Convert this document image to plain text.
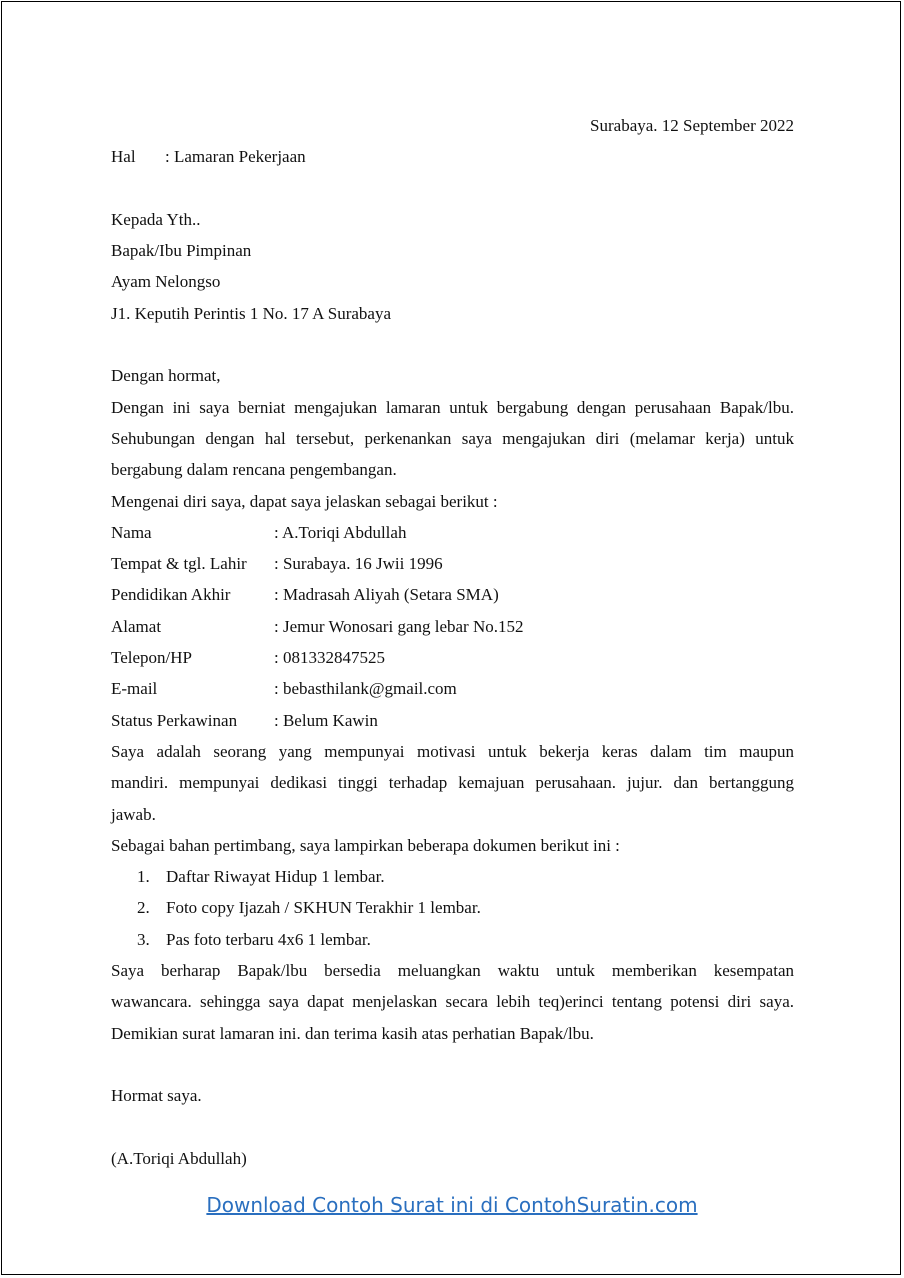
Surabaya. 12 September 2022
Hal : Lamaran Pekerjaan
Kepada Yth..
Bapak/Ibu Pimpinan
Ayam Nelongso
J1. Keputih Perintis 1 No. 17 A Surabaya
Dengan hormat,
Dengan ini saya berniat mengajukan lamaran untuk bergabung dengan perusahaan Bapak/lbu.
Sehubungan dengan hal tersebut, perkenankan saya mengajukan diri (melamar kerja) untuk
bergabung dalam rencana pengembangan.
Mengenai diri saya, dapat saya jelaskan sebagai berikut :
Nama	: A.Toriqi Abdullah
Tempat & tgl. Lahir	: Surabaya. 16 Jwii 1996
Pendidikan Akhir	: Madrasah Aliyah (Setara SMA)
Alamat	: Jemur Wonosari gang lebar No.152
Telepon/HP	: 081332847525
E-mail	: bebasthilank@gmail.com
Status Perkawinan	: Belum Kawin
Saya adalah seorang yang mempunyai motivasi untuk bekerja keras dalam tim maupun
mandiri. mempunyai dedikasi tinggi terhadap kemajuan perusahaan. jujur. dan bertanggung
jawab.
Sebagai bahan pertimbang, saya lampirkan beberapa dokumen berikut ini :
1. Daftar Riwayat Hidup 1 lembar.
2. Foto copy Ijazah / SKHUN Terakhir 1 lembar.
3. Pas foto terbaru 4x6 1 lembar.
Saya berharap Bapak/lbu bersedia meluangkan waktu untuk memberikan kesempatan
wawancara. sehingga saya dapat menjelaskan secara lebih teq)erinci tentang potensi diri saya.
Demikian surat lamaran ini. dan terima kasih atas perhatian Bapak/lbu.
Hormat saya.
(A.Toriqi Abdullah)
Download Contoh Surat ini di ContohSuratin.com
